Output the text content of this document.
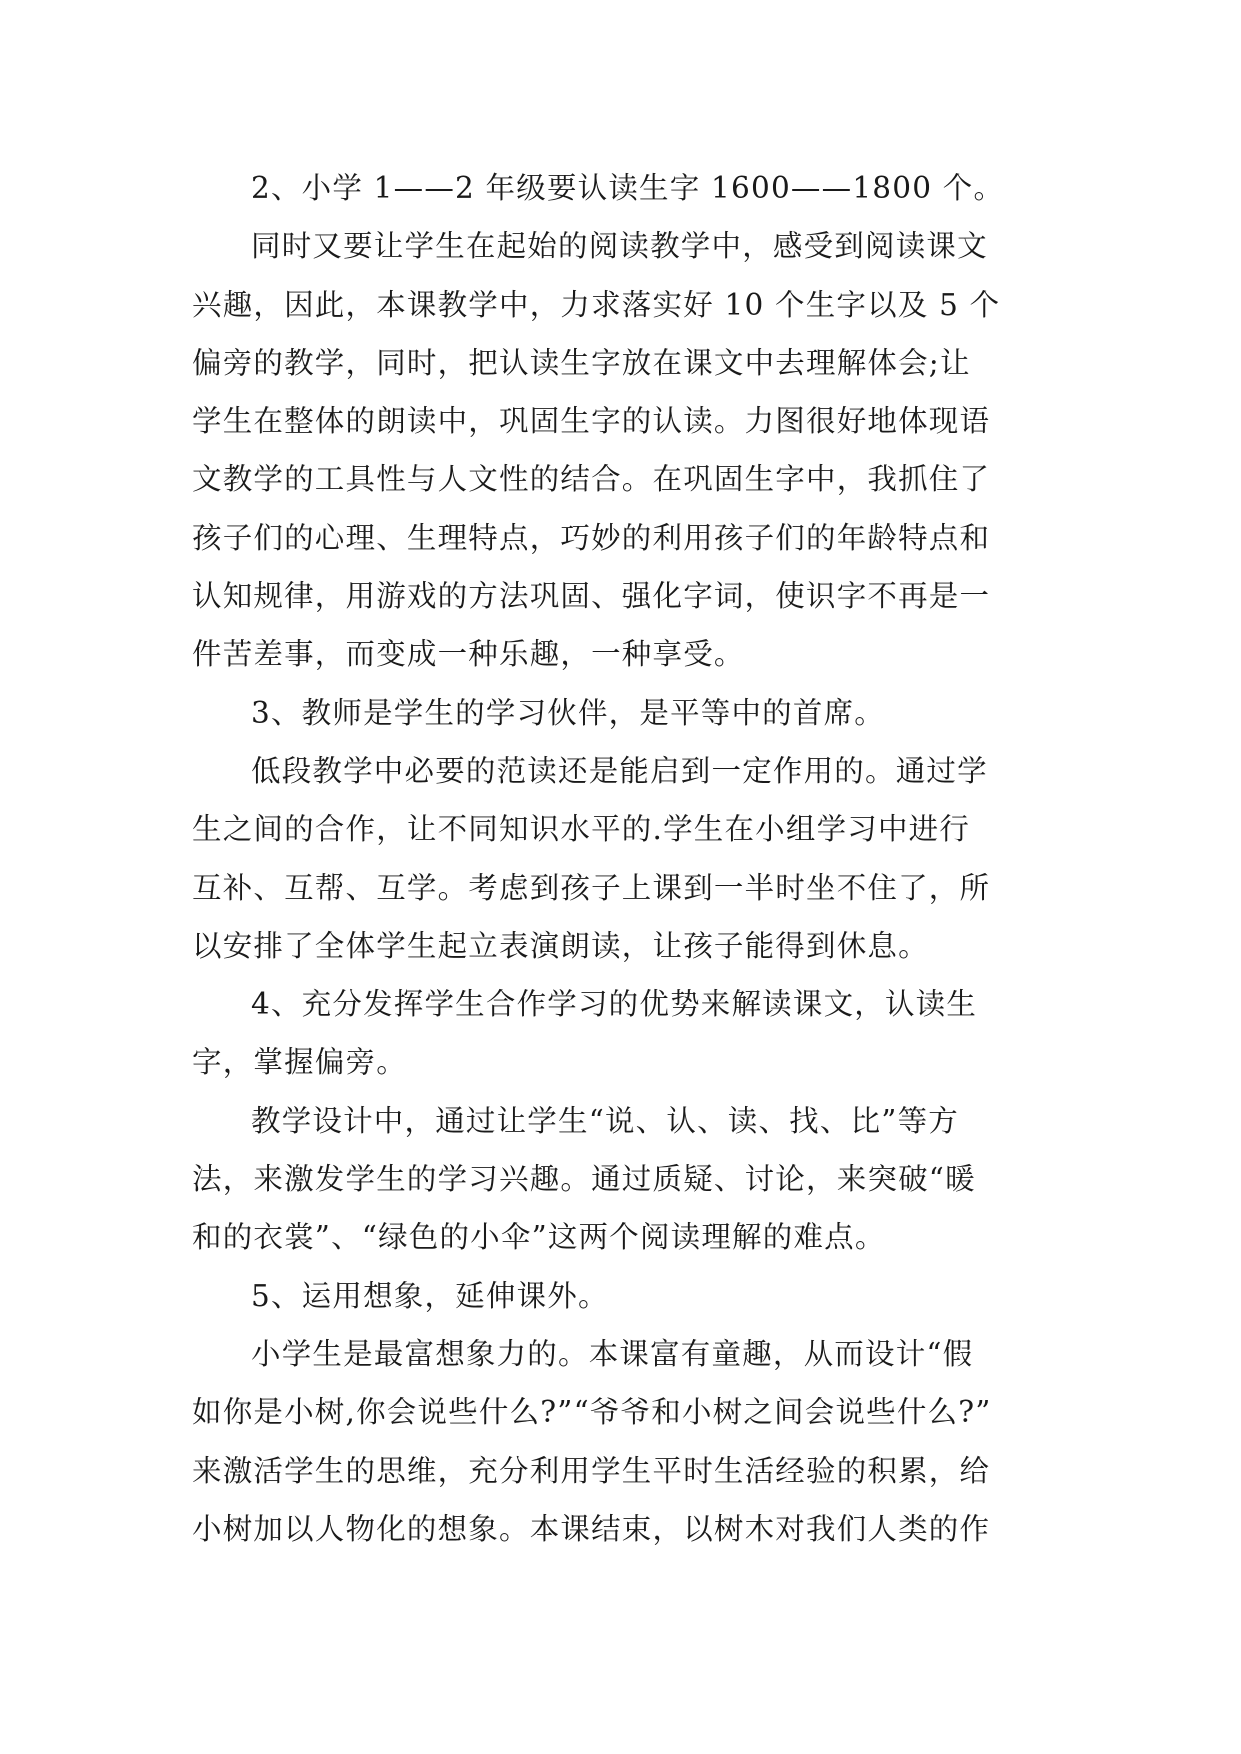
2、小学 1——2 年级要认读生字 1600——1800 个。
同时又要让学生在起始的阅读教学中，感受到阅读课文
兴趣，因此，本课教学中，力求落实好 10 个生字以及 5 个
偏旁的教学，同时，把认读生字放在课文中去理解体会;让
学生在整体的朗读中，巩固生字的认读。力图很好地体现语
文教学的工具性与人文性的结合。在巩固生字中，我抓住了
孩子们的心理、生理特点，巧妙的利用孩子们的年龄特点和
认知规律，用游戏的方法巩固、强化字词，使识字不再是一
件苦差事，而变成一种乐趣，一种享受。
3、教师是学生的学习伙伴，是平等中的首席。
低段教学中必要的范读还是能启到一定作用的。通过学
生之间的合作，让不同知识水平的.学生在小组学习中进行
互补、互帮、互学。考虑到孩子上课到一半时坐不住了，所
以安排了全体学生起立表演朗读，让孩子能得到休息。
4、充分发挥学生合作学习的优势来解读课文，认读生
字，掌握偏旁。
教学设计中，通过让学生“说、认、读、找、比”等方
法，来激发学生的学习兴趣。通过质疑、讨论，来突破“暖
和的衣裳”、“绿色的小伞”这两个阅读理解的难点。
5、运用想象，延伸课外。
小学生是最富想象力的。本课富有童趣，从而设计“假
如你是小树,你会说些什么?”“爷爷和小树之间会说些什么?”
来激活学生的思维，充分利用学生平时生活经验的积累，给
小树加以人物化的想象。本课结束，以树木对我们人类的作
